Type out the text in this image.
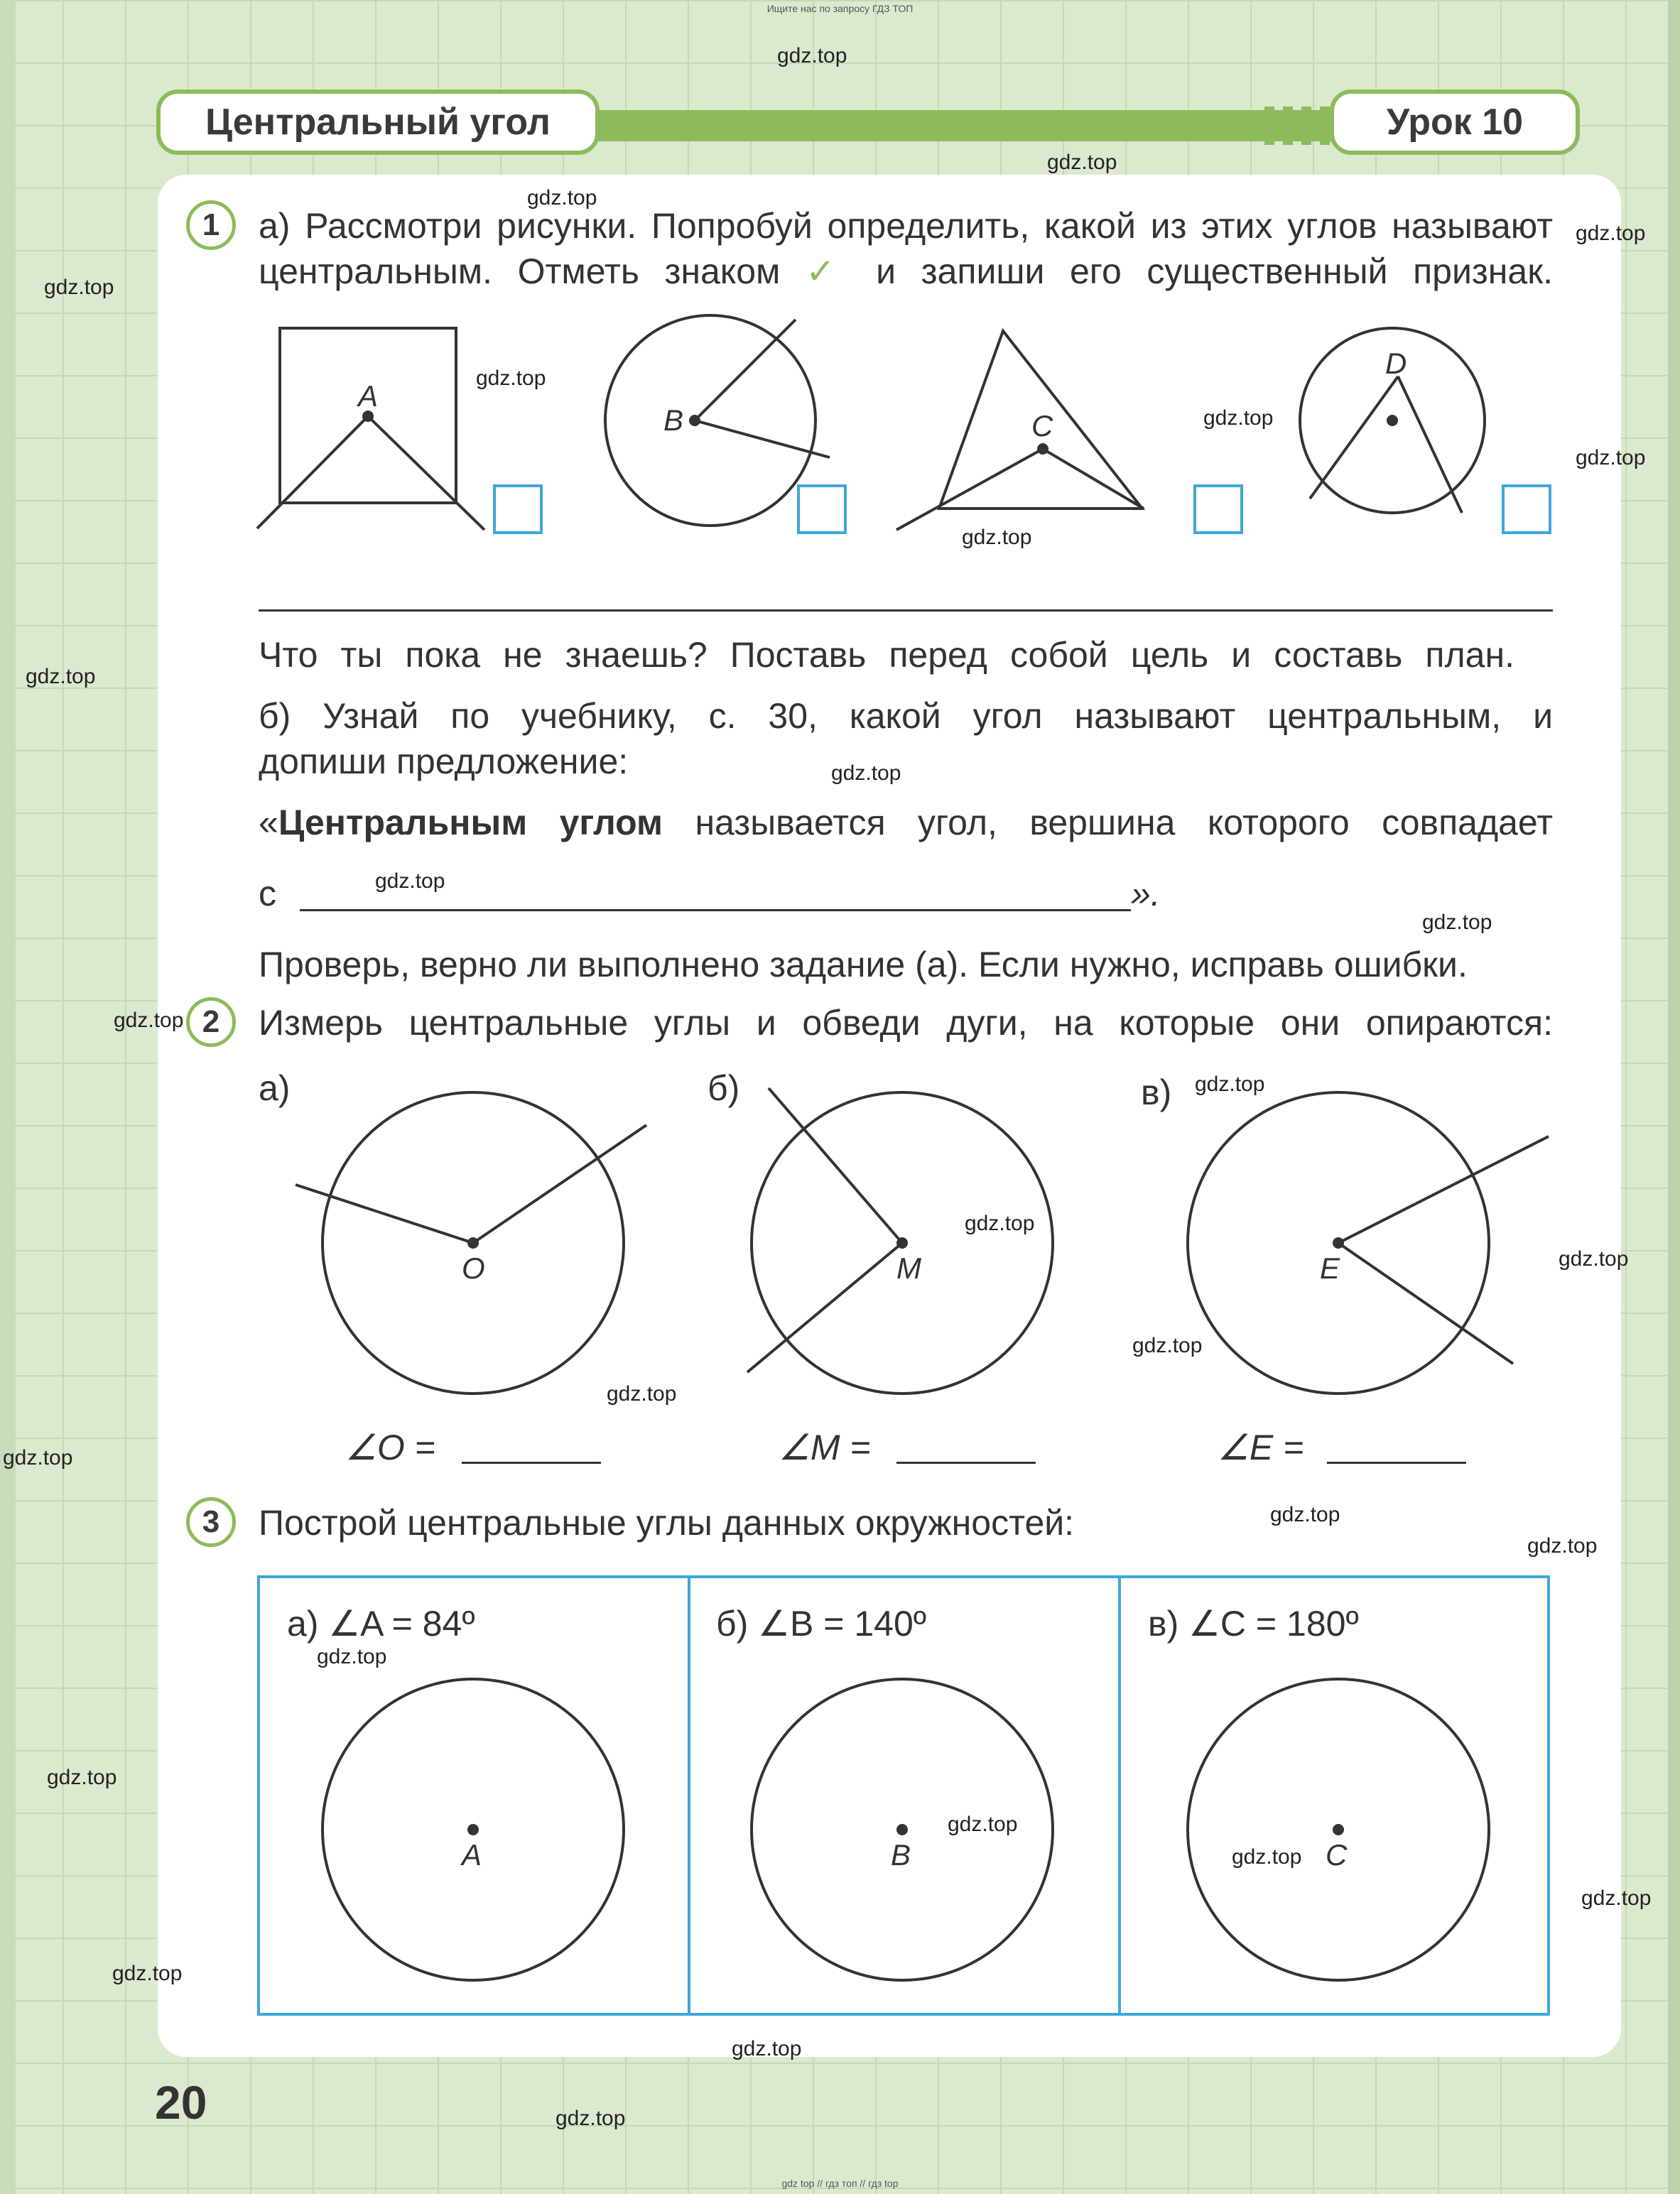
Ищите нас по запросу ГДЗ ТОП
Центральный угол	Урок 10
1	а) Рассмотри рисунки. Попробуй определить, какой из этих углов называют
центральным. Отметь знаком ✓ и запиши его существенный признак.
Что ты пока не знаешь? Поставь перед собой цель и составь план.
б) Узнай по учебнику, с. 30, какой угол называют центральным, и
допиши предложение:
«Центральным углом называется угол, вершина которого совпадает
с	».
Проверь, верно ли выполнено задание (а). Если нужно, исправь ошибки.
2	Измерь центральные углы и обведи дуги, на которые они опираются:
а)	б)	в)
∠O =	∠M =	∠E =
3	Построй центральные углы данных окружностей:
а) ∠A = 84º	б) ∠B = 140º	в) ∠C = 180º
A
B	C
D
O	M	E
A	B	C
gdz.top
gdz.top
gdz.top
gdz.top
gdz.top
gdz.top
gdz.top
gdz.top
gdz.top
gdz.top
gdz.top
gdz.top
gdz.top
gdz.top
gdz.top
gdz.top
gdz.top
gdz.top
gdz.top
gdz.top
gdz.top
gdz.top
gdz.top
gdz.top
gdz.top
gdz.top
gdz.top
gdz.top
gdz.top
gdz.top
20
gdz top // гдз топ // гдз top
